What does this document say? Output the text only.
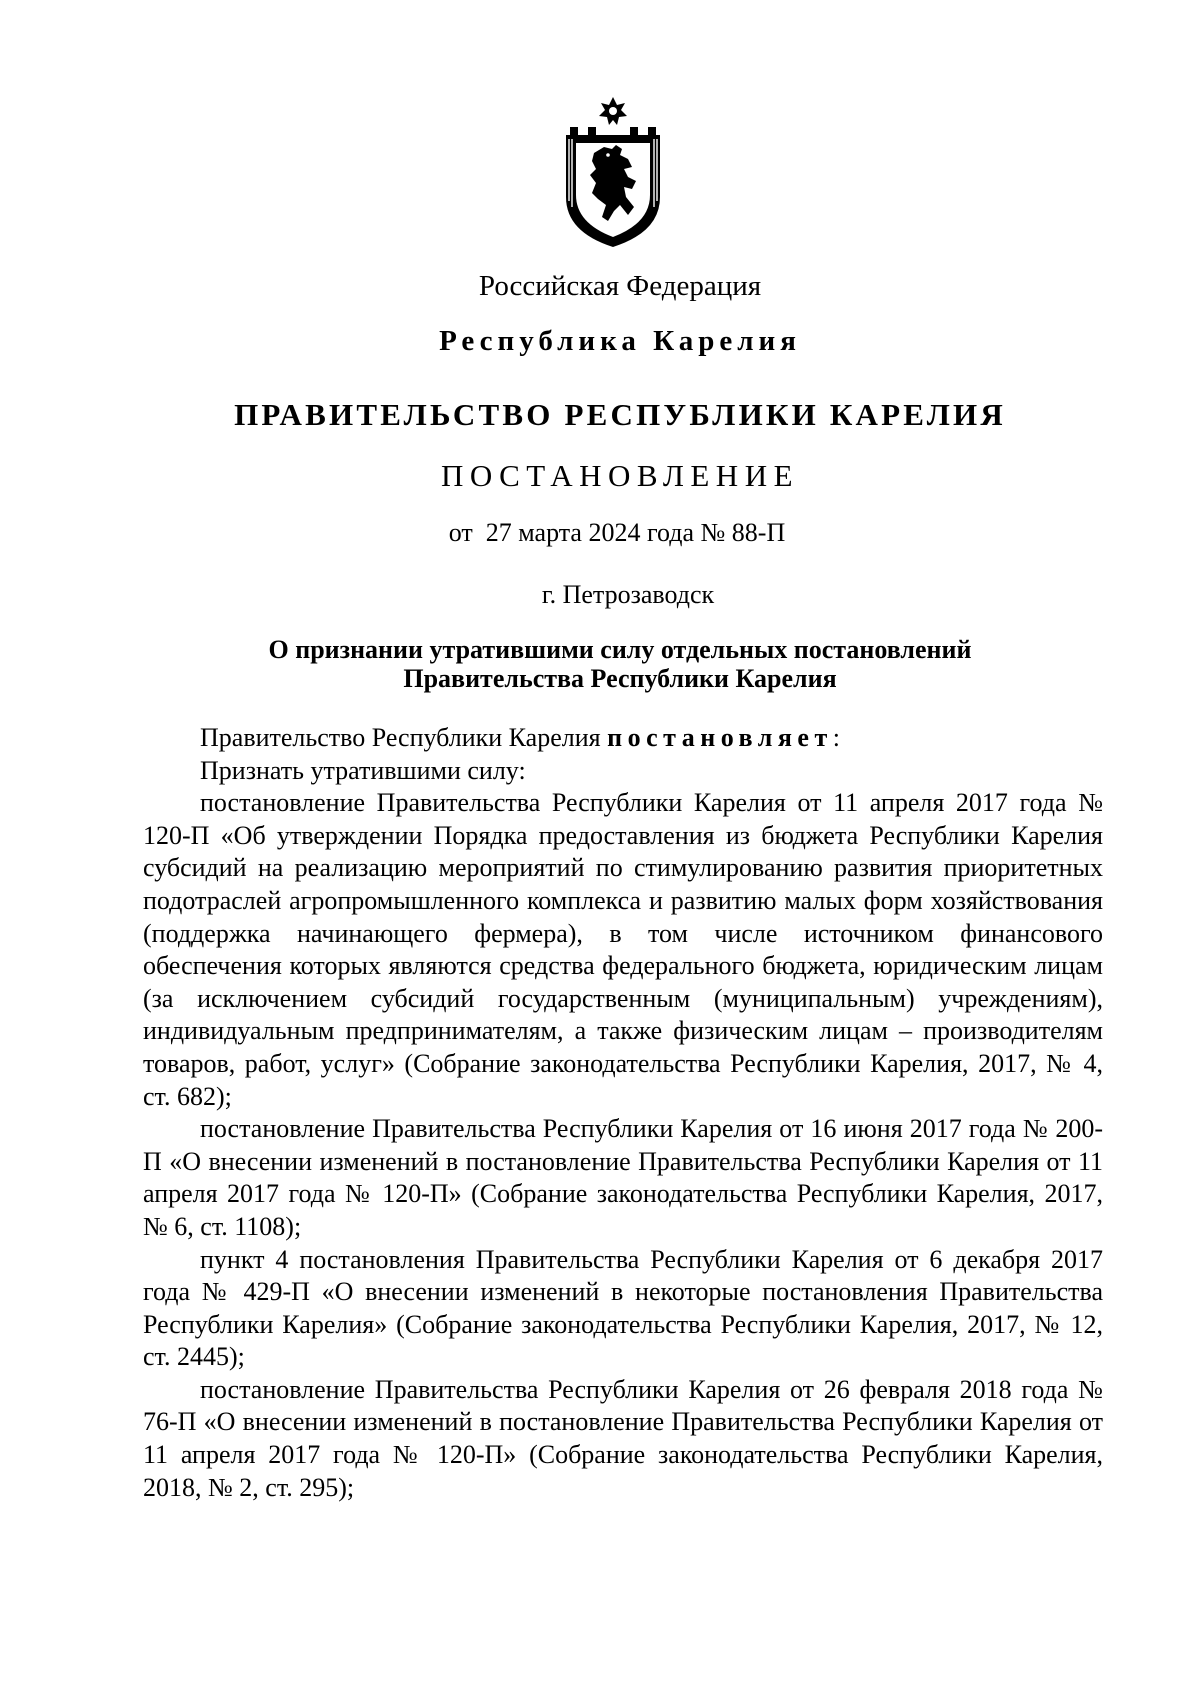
Российская Федерация
Республика Карелия
ПРАВИТЕЛЬСТВО РЕСПУБЛИКИ КАРЕЛИЯ
ПОСТАНОВЛЕНИЕ
от  27 марта 2024 года № 88-П
г. Петрозаводск
О признании утратившими силу отдельных постановлений
Правительства Республики Карелия

Правительство Республики Карелия постановляет:

Признать утратившими силу:

постановление Правительства Республики Карелия от 11 апреля 2017 года № 120-П «Об утверждении Порядка предоставления из бюджета Республики Карелия субсидий на реализацию мероприятий по стимулированию развития приоритетных подотраслей агропромышленного комплекса и развитию малых форм хозяйствования (поддержка начинающего фермера), в том числе источником финансового обеспечения которых являются средства федерального бюджета, юридическим лицам (за исключением субсидий государственным (муниципальным) учреждениям), индивидуальным предпринимателям, а также физическим лицам – производителям товаров, работ, услуг» (Собрание законодательства Республики Карелия, 2017, № 4, ст. 682);

постановление Правительства Республики Карелия от 16 июня 2017 года № 200-П «О внесении изменений в постановление Правительства Республики Карелия от 11 апреля 2017 года № 120-П» (Собрание законодательства Республики Карелия, 2017, № 6, ст. 1108);

пункт 4 постановления Правительства Республики Карелия от 6 декабря 2017 года № 429-П «О внесении изменений в некоторые постановления Правительства Республики Карелия» (Собрание законодательства Республики Карелия, 2017, № 12, ст. 2445);

постановление Правительства Республики Карелия от 26 февраля 2018 года № 76-П «О внесении изменений в постановление Правительства Республики Карелия от 11 апреля 2017 года № 120-П» (Собрание законодательства Республики Карелия, 2018, № 2, ст. 295);
